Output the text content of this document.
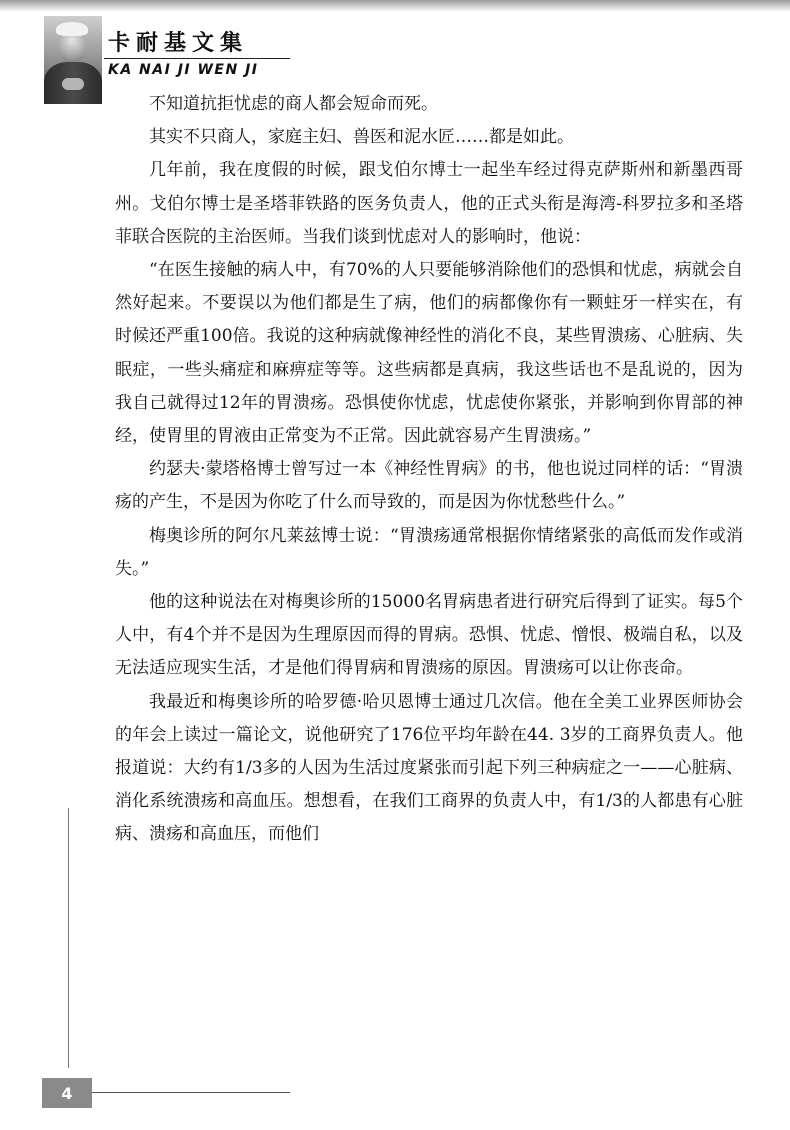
卡耐基文集
KA NAI JI WEN JI

不知道抗拒忧虑的商人都会短命而死。

其实不只商人，家庭主妇、兽医和泥水匠……都是如此。

几年前，我在度假的时候，跟戈伯尔博士一起坐车经过得克萨斯州和新墨西哥州。戈伯尔博士是圣塔菲铁路的医务负责人，他的正式头衔是海湾-科罗拉多和圣塔菲联合医院的主治医师。当我们谈到忧虑对人的影响时，他说：

“在医生接触的病人中，有70%的人只要能够消除他们的恐惧和忧虑，病就会自然好起来。不要误以为他们都是生了病，他们的病都像你有一颗蛀牙一样实在，有时候还严重100倍。我说的这种病就像神经性的消化不良，某些胃溃疡、心脏病、失眠症，一些头痛症和麻痹症等等。这些病都是真病，我这些话也不是乱说的，因为我自己就得过12年的胃溃疡。恐惧使你忧虑，忧虑使你紧张，并影响到你胃部的神经，使胃里的胃液由正常变为不正常。因此就容易产生胃溃疡。”

约瑟夫·蒙塔格博士曾写过一本《神经性胃病》的书，他也说过同样的话：“胃溃疡的产生，不是因为你吃了什么而导致的，而是因为你忧愁些什么。”

梅奥诊所的阿尔凡莱兹博士说：“胃溃疡通常根据你情绪紧张的高低而发作或消失。”

他的这种说法在对梅奥诊所的15000名胃病患者进行研究后得到了证实。每5个人中，有4个并不是因为生理原因而得的胃病。恐惧、忧虑、憎恨、极端自私，以及无法适应现实生活，才是他们得胃病和胃溃疡的原因。胃溃疡可以让你丧命。

我最近和梅奥诊所的哈罗德·哈贝恩博士通过几次信。他在全美工业界医师协会的年会上读过一篇论文，说他研究了176位平均年龄在44. 3岁的工商界负责人。他报道说：大约有1/3多的人因为生活过度紧张而引起下列三种病症之一——心脏病、消化系统溃疡和高血压。想想看，在我们工商界的负责人中，有1/3的人都患有心脏病、溃疡和高血压，而他们

4
